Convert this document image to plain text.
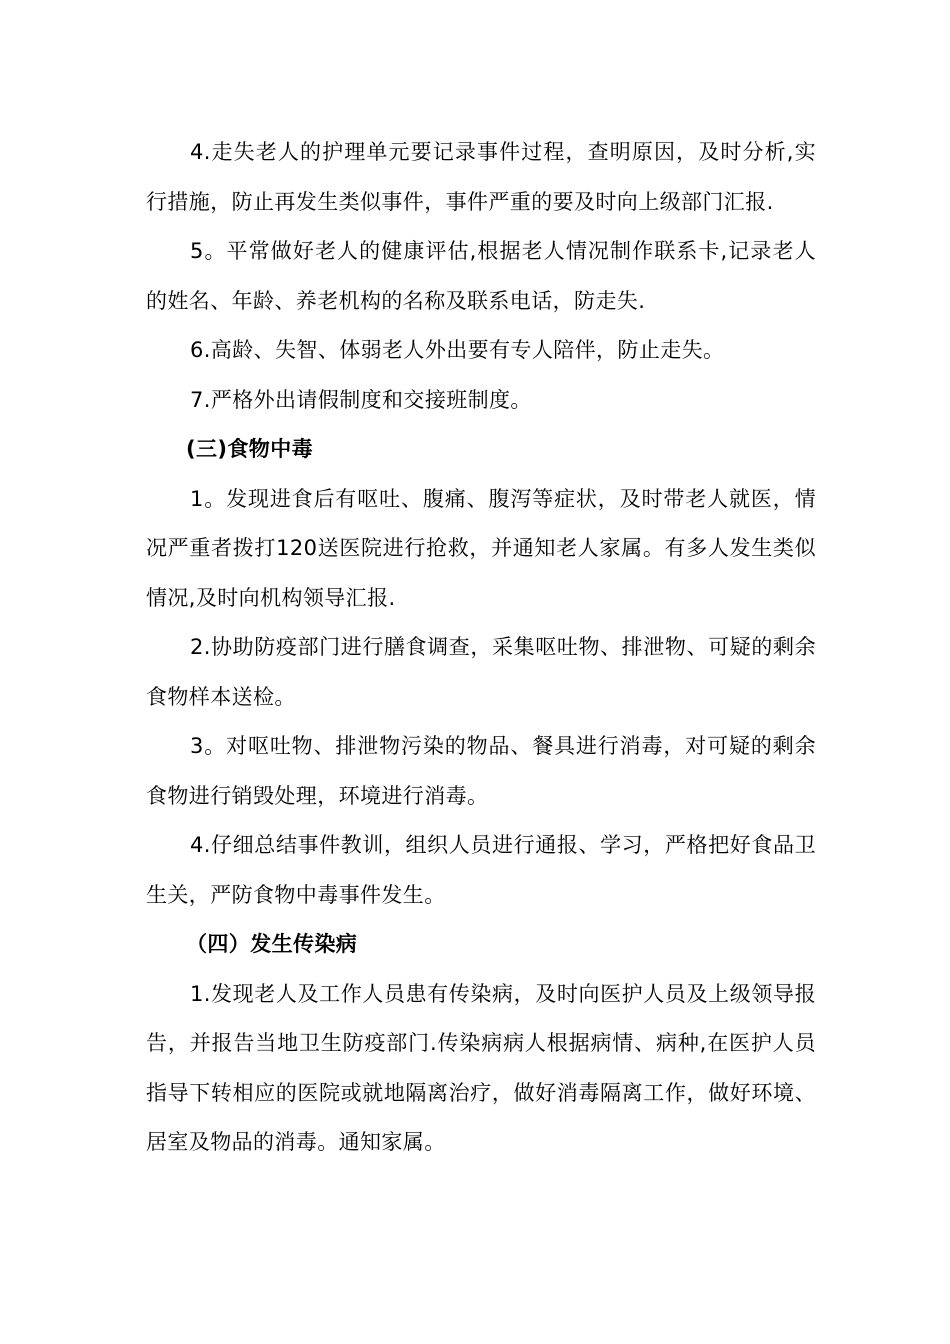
4.走失老人的护理单元要记录事件过程，查明原因，及时分析,实行措施，防止再发生类似事件，事件严重的要及时向上级部门汇报.

5。平常做好老人的健康评估,根据老人情况制作联系卡,记录老人的姓名、年龄、养老机构的名称及联系电话，防走失.

6.高龄、失智、体弱老人外出要有专人陪伴，防止走失。

7.严格外出请假制度和交接班制度。

(三)食物中毒

1。发现进食后有呕吐、腹痛、腹泻等症状，及时带老人就医，情况严重者拨打120送医院进行抢救，并通知老人家属。有多人发生类似情况,及时向机构领导汇报.

2.协助防疫部门进行膳食调查，采集呕吐物、排泄物、可疑的剩余食物样本送检。

3。对呕吐物、排泄物污染的物品、餐具进行消毒，对可疑的剩余食物进行销毁处理，环境进行消毒。

4.仔细总结事件教训，组织人员进行通报、学习，严格把好食品卫生关，严防食物中毒事件发生。

（四）发生传染病

1.发现老人及工作人员患有传染病，及时向医护人员及上级领导报告，并报告当地卫生防疫部门.传染病病人根据病情、病种,在医护人员指导下转相应的医院或就地隔离治疗，做好消毒隔离工作，做好环境、居室及物品的消毒。通知家属。
